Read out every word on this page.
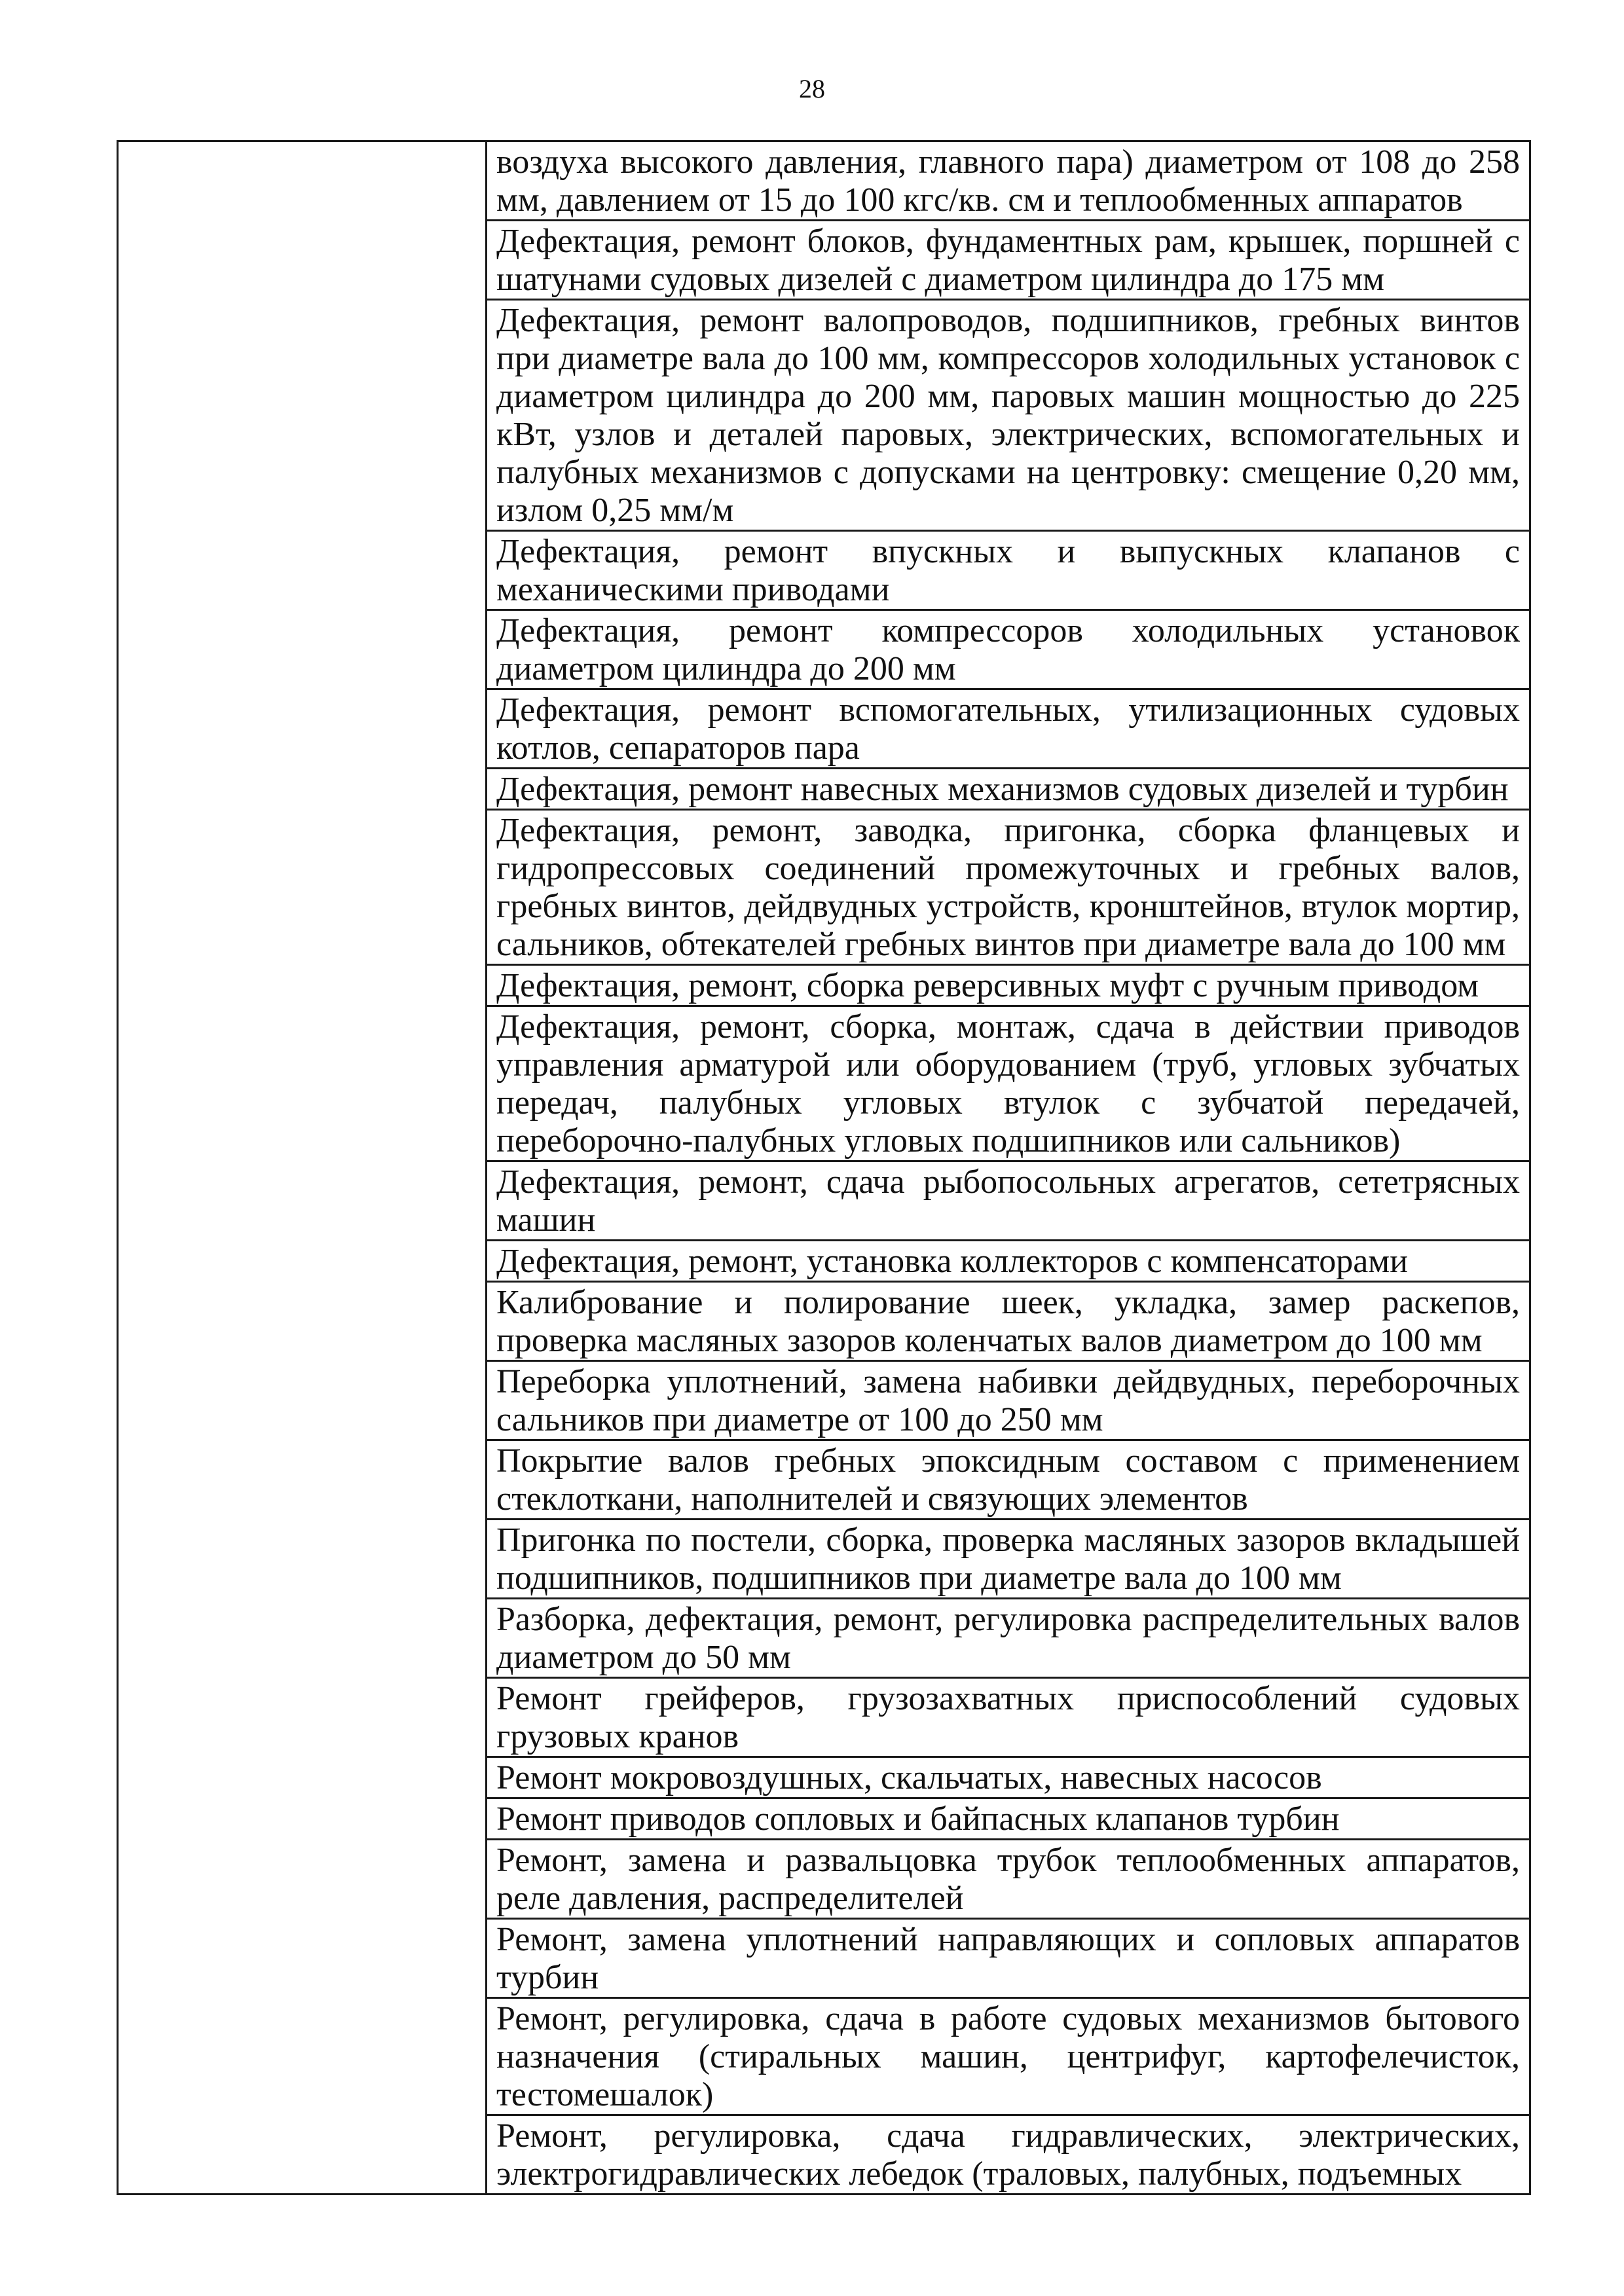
28
	воздуха высокого давления, главного пара) диаметром от 108 до 258 мм, давлением от 15 до 100 кгс/кв. см и теплообменных аппаратов
Дефектация, ремонт блоков, фундаментных рам, крышек, поршней с шатунами судовых дизелей с диаметром цилиндра до 175 мм
Дефектация, ремонт валопроводов, подшипников, гребных винтов при диаметре вала до 100 мм, компрессоров холодильных установок с диаметром цилиндра до 200 мм, паровых машин мощностью до 225 кВт, узлов и деталей паровых, электрических, вспомогательных и палубных механизмов с допусками на центровку: смещение 0,20 мм, излом 0,25 мм/м
Дефектация, ремонт впускных и выпускных клапанов с механическими приводами
Дефектация, ремонт компрессоров холодильных установок диаметром цилиндра до 200 мм
Дефектация, ремонт вспомогательных, утилизационных судовых котлов, сепараторов пара
Дефектация, ремонт навесных механизмов судовых дизелей и турбин
Дефектация, ремонт, заводка, пригонка, сборка фланцевых и гидропрессовых соединений промежуточных и гребных валов, гребных винтов, дейдвудных устройств, кронштейнов, втулок мортир, сальников, обтекателей гребных винтов при диаметре вала до 100 мм
Дефектация, ремонт, сборка реверсивных муфт с ручным приводом
Дефектация, ремонт, сборка, монтаж, сдача в действии приводов управления арматурой или оборудованием (труб, угловых зубчатых передач, палубных угловых втулок с зубчатой передачей, переборочно-палубных угловых подшипников или сальников)
Дефектация, ремонт, сдача рыбопосольных агрегатов, сететрясных машин
Дефектация, ремонт, установка коллекторов с компенсаторами
Калибрование и полирование шеек, укладка, замер раскепов, проверка масляных зазоров коленчатых валов диаметром до 100 мм
Переборка уплотнений, замена набивки дейдвудных, переборочных сальников при диаметре от 100 до 250 мм
Покрытие валов гребных эпоксидным составом с применением стеклоткани, наполнителей и связующих элементов
Пригонка по постели, сборка, проверка масляных зазоров вкладышей подшипников, подшипников при диаметре вала до 100 мм
Разборка, дефектация, ремонт, регулировка распределительных валов диаметром до 50 мм
Ремонт грейферов, грузозахватных приспособлений судовых грузовых кранов
Ремонт мокровоздушных, скальчатых, навесных насосов
Ремонт приводов сопловых и байпасных клапанов турбин
Ремонт, замена и развальцовка трубок теплообменных аппаратов, реле давления, распределителей
Ремонт, замена уплотнений направляющих и сопловых аппаратов турбин
Ремонт, регулировка, сдача в работе судовых механизмов бытового назначения (стиральных машин, центрифуг, картофелечисток, тестомешалок)
Ремонт, регулировка, сдача гидравлических, электрических, электрогидравлических лебедок (траловых, палубных, подъемных
